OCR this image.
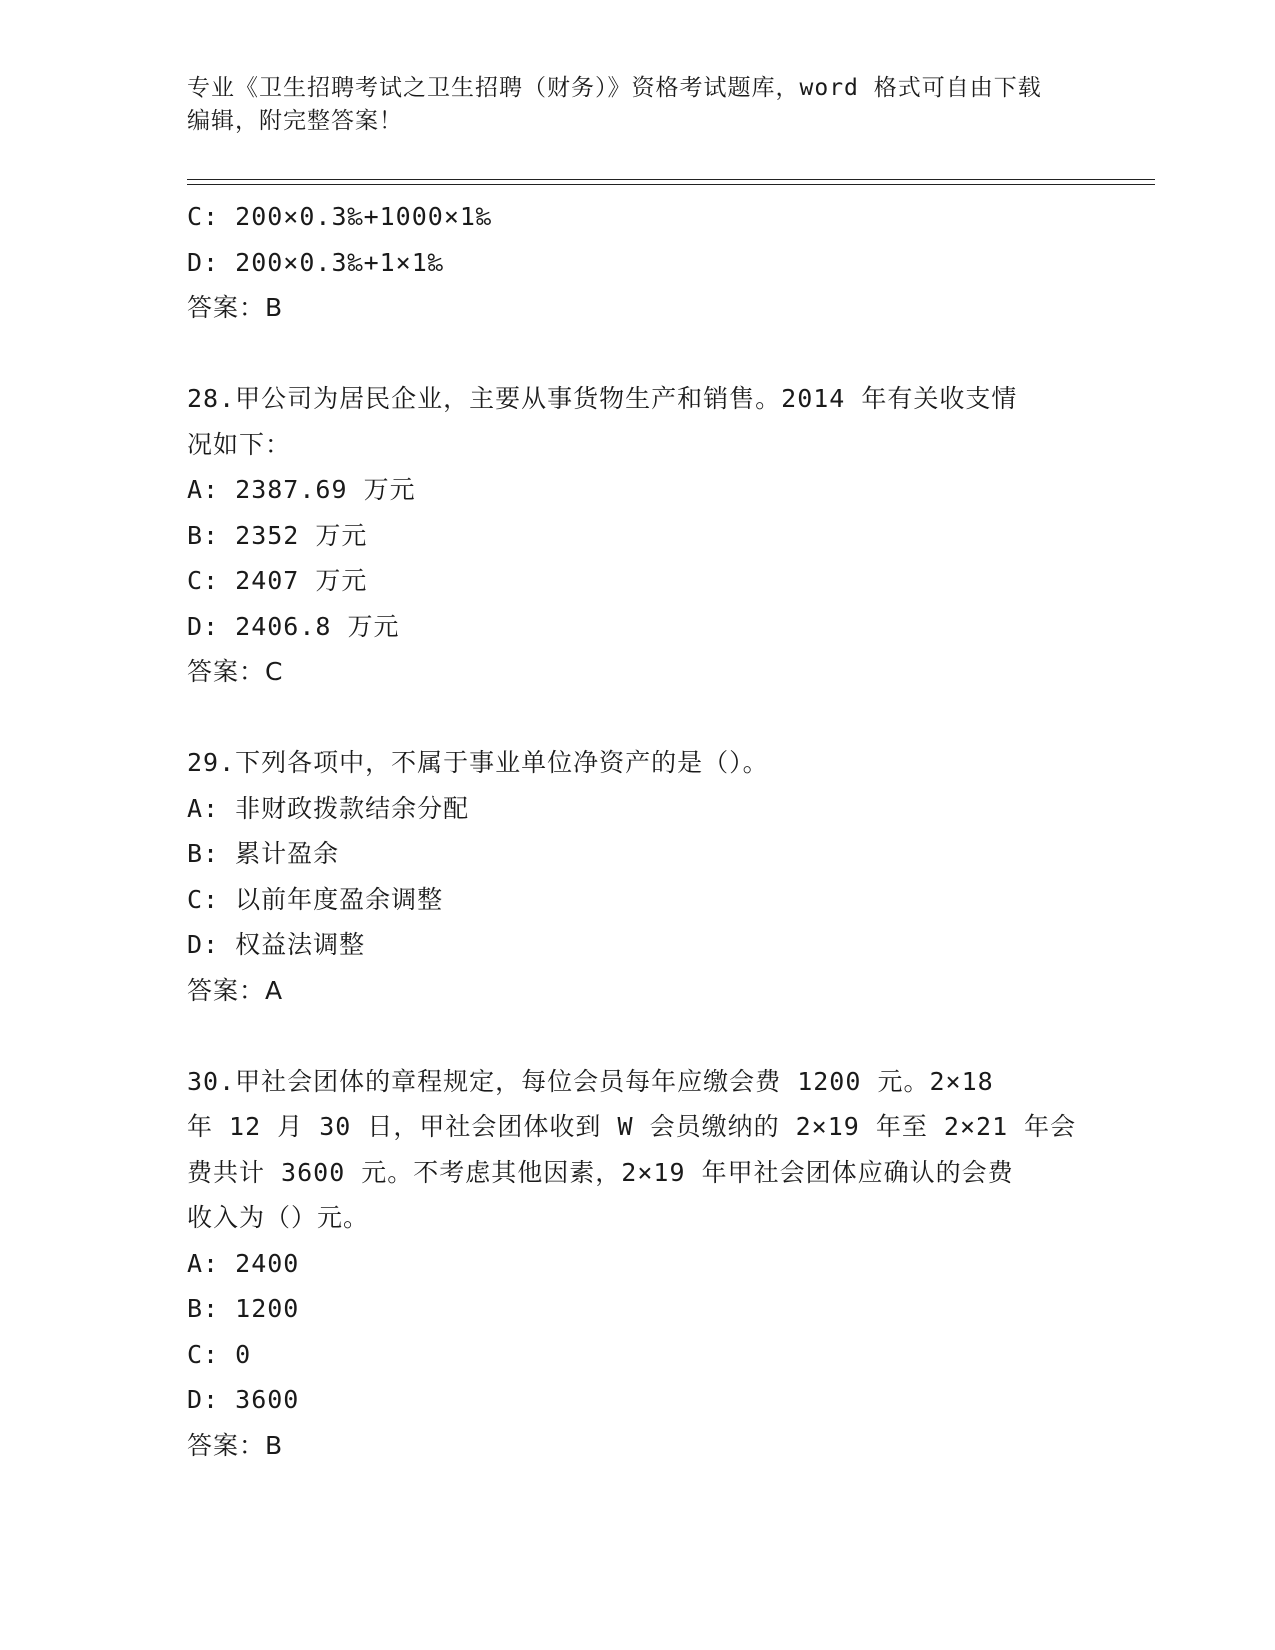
专业《卫生招聘考试之卫生招聘（财务）》资格考试题库，word 格式可自由下载
编辑，附完整答案！
C: 200×0.3‰+1000×1‰
D: 200×0.3‰+1×1‰
答案：B
28.甲公司为居民企业，主要从事货物生产和销售。2014 年有关收支情
况如下：
A: 2387.69 万元
B: 2352 万元
C: 2407 万元
D: 2406.8 万元
答案：C
29.下列各项中，不属于事业单位净资产的是（）。
A: 非财政拨款结余分配
B: 累计盈余
C: 以前年度盈余调整
D: 权益法调整
答案：A
30.甲社会团体的章程规定，每位会员每年应缴会费 1200 元。2×18
年 12 月 30 日，甲社会团体收到 W 会员缴纳的 2×19 年至 2×21 年会
费共计 3600 元。不考虑其他因素，2×19 年甲社会团体应确认的会费
收入为（）元。
A: 2400
B: 1200
C: 0
D: 3600
答案：B
